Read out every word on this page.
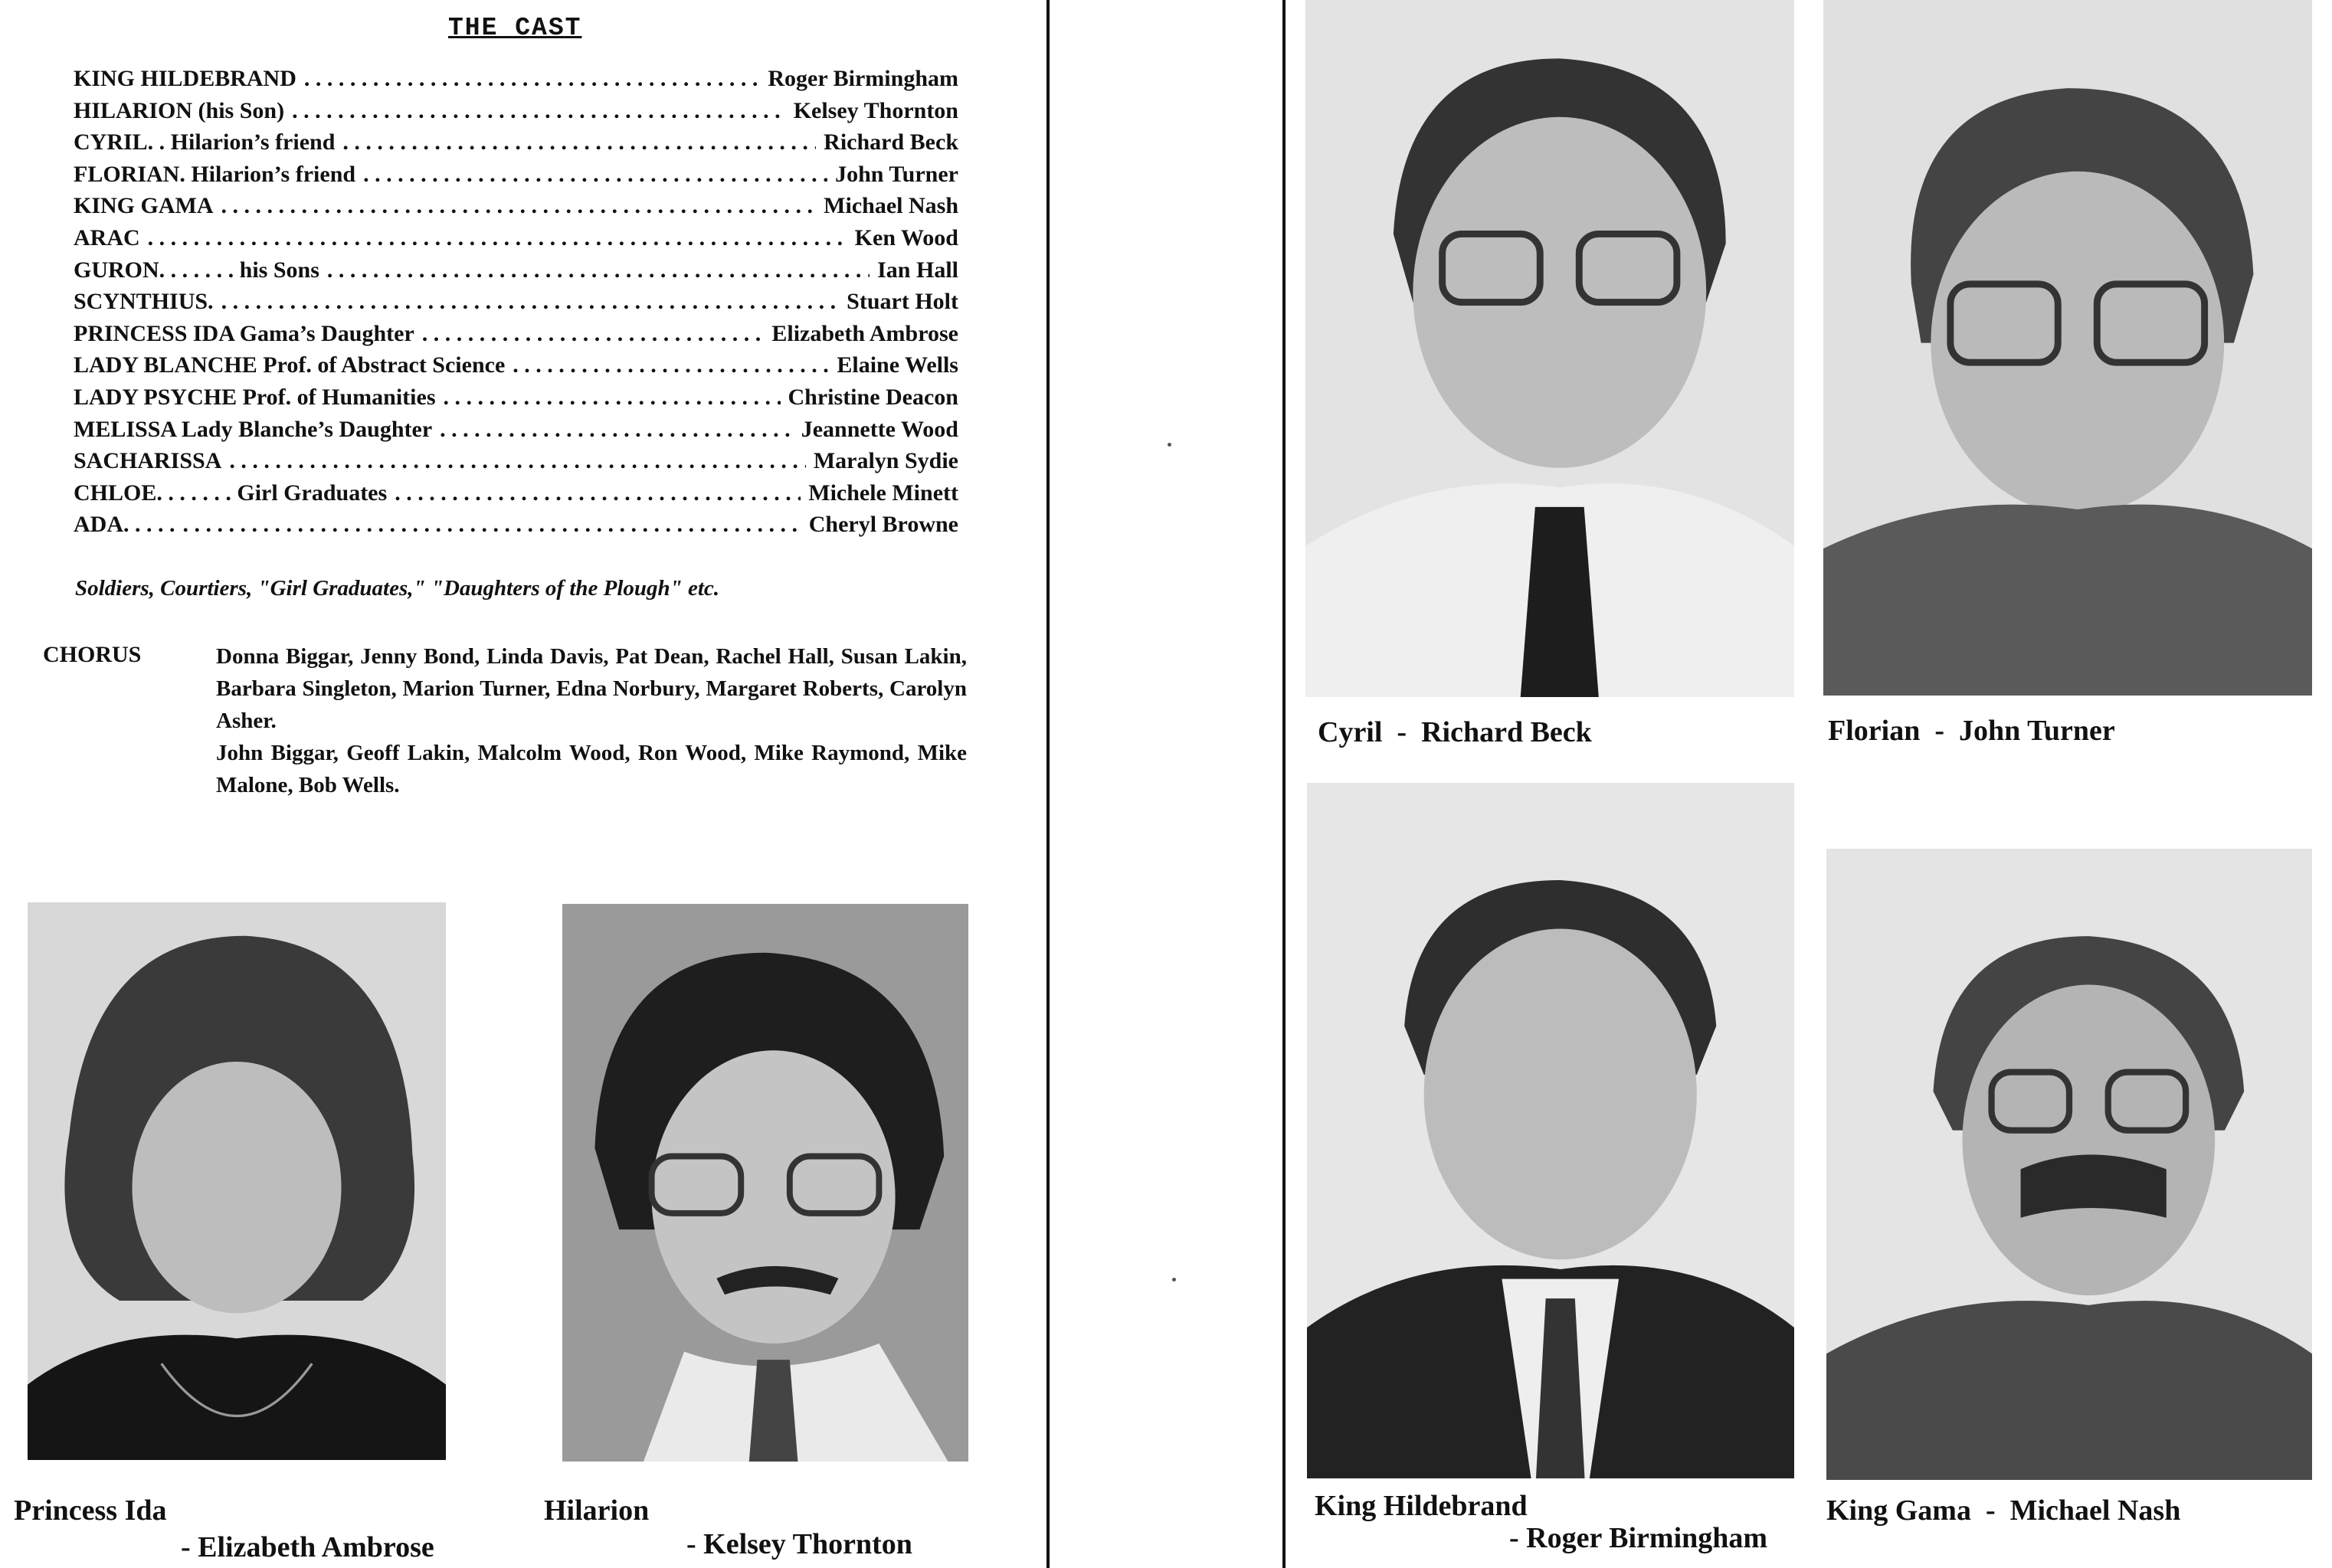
THE CAST
KING HILDEBRAND . . .	Roger Birmingham
HILARION (his Son) . . .	Kelsey Thornton
CYRIL. . Hilarion’s friend . . .	Richard Beck
FLORIAN. Hilarion’s friend . . .	John Turner
KING GAMA . . .	Michael Nash
ARAC . . .	Ken Wood
GURON. . . . . . . his Sons . . .	Ian Hall
SCYNTHIUS. . . .	Stuart Holt
PRINCESS IDA Gama’s Daughter . . .	Elizabeth Ambrose
LADY BLANCHE Prof. of Abstract Science . . .	Elaine Wells
LADY PSYCHE Prof. of Humanities . . .	Christine Deacon
MELISSA Lady Blanche’s Daughter . . .	Jeannette Wood
SACHARISSA . . .	Maralyn Sydie
CHLOE. . . . . . . Girl Graduates . . .	Michele Minett
ADA. . . . . . . .	Cheryl Browne
Soldiers, Courtiers, "Girl Graduates," "Daughters of the Plough" etc.
CHORUS	Donna Biggar, Jenny Bond, Linda Davis, Pat Dean, Rachel Hall, Susan Lakin, Barbara Singleton, Marion Turner, Edna Norbury, Margaret Roberts, Carolyn Asher.

John Biggar, Geoff Lakin, Malcolm Wood, Ron Wood, Mike Raymond, Mike Malone, Bob Wells.

Princess Ida
- Elizabeth Ambrose
Hilarion
- Kelsey Thornton
Cyril  -  Richard Beck	Florian  -  John Turner
King Hildebrand
- Roger Birmingham
King Gama  -  Michael Nash
